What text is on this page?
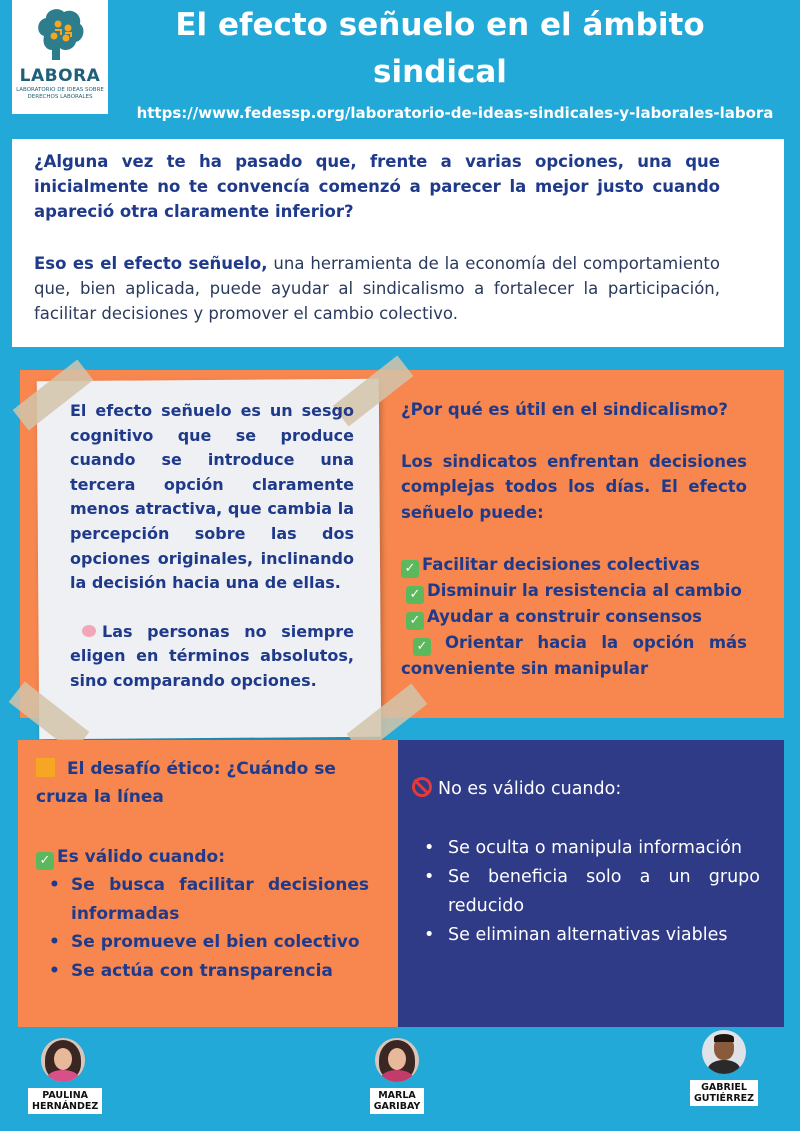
LABORA
LABORATORIO DE IDEAS SOBRE DERECHOS LABORALES
El efecto señuelo en el ámbito
sindical
https://www.fedessp.org/laboratorio-de-ideas-sindicales-y-laborales-labora

¿Alguna vez te ha pasado que, frente a varias opciones, una que inicialmente no te convencía comenzó a parecer la mejor justo cuando apareció otra claramente inferior?

Eso es el efecto señuelo, una herramienta de la economía del comportamiento que, bien aplicada, puede ayudar al sindicalismo a fortalecer la participación, facilitar decisiones y promover el cambio colectivo.

El efecto señuelo es un sesgo cognitivo que se produce cuando se introduce una tercera opción claramente menos atractiva, que cambia la percepción sobre las dos opciones originales, inclinando la decisión hacia una de ellas.
Las personas no siempre eligen en términos absolutos, sino comparando opciones.
¿Por qué es útil en el sindicalismo?
Los sindicatos enfrentan decisiones complejas todos los días. El efecto señuelo puede:
✓ Facilitar decisiones colectivas
✓ Disminuir la resistencia al cambio
✓ Ayudar a construir consensos
✓ Orientar hacia la opción más conveniente sin manipular
El desafío ético: ¿Cuándo se cruza la línea
✓ Es válido cuando:
• Se busca facilitar decisiones informadas
• Se promueve el bien colectivo
• Se actúa con transparencia
No es válido cuando:
• Se oculta o manipula información
• Se beneficia solo a un grupo reducido
• Se eliminan alternativas viables
PAULINA
HERNÁNDEZ
MARLA
GARIBAY
GABRIEL
GUTIÉRREZ
